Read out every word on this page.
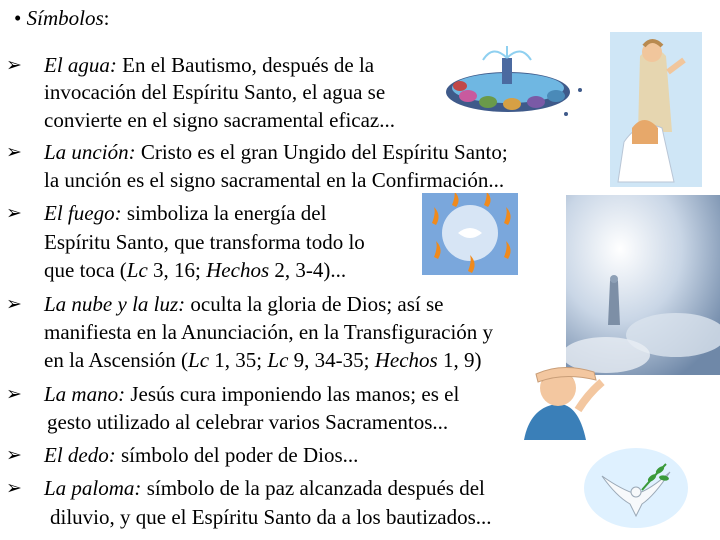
• Símbolos:
➢ El agua: En el Bautismo, después de la
invocación del Espíritu Santo, el agua se
convierte en el signo sacramental eficaz...
➢ La unción: Cristo es el gran Ungido del Espíritu Santo;
la unción es el signo sacramental en la Confirmación...
➢ El fuego: simboliza la energía del
Espíritu Santo, que transforma todo lo
que toca (Lc 3, 16; Hechos 2, 3-4)...
➢ La nube y la luz: oculta la gloria de Dios; así se
manifiesta en la Anunciación, en la Transfiguración y
en la Ascensión (Lc 1, 35; Lc 9, 34-35; Hechos 1, 9)
➢ La mano: Jesús cura imponiendo las manos; es el
gesto utilizado al celebrar varios Sacramentos...
➢ El dedo: símbolo del poder de Dios...
➢ La paloma: símbolo de la paz alcanzada después del
diluvio, y que el Espíritu Santo da a los bautizados...
